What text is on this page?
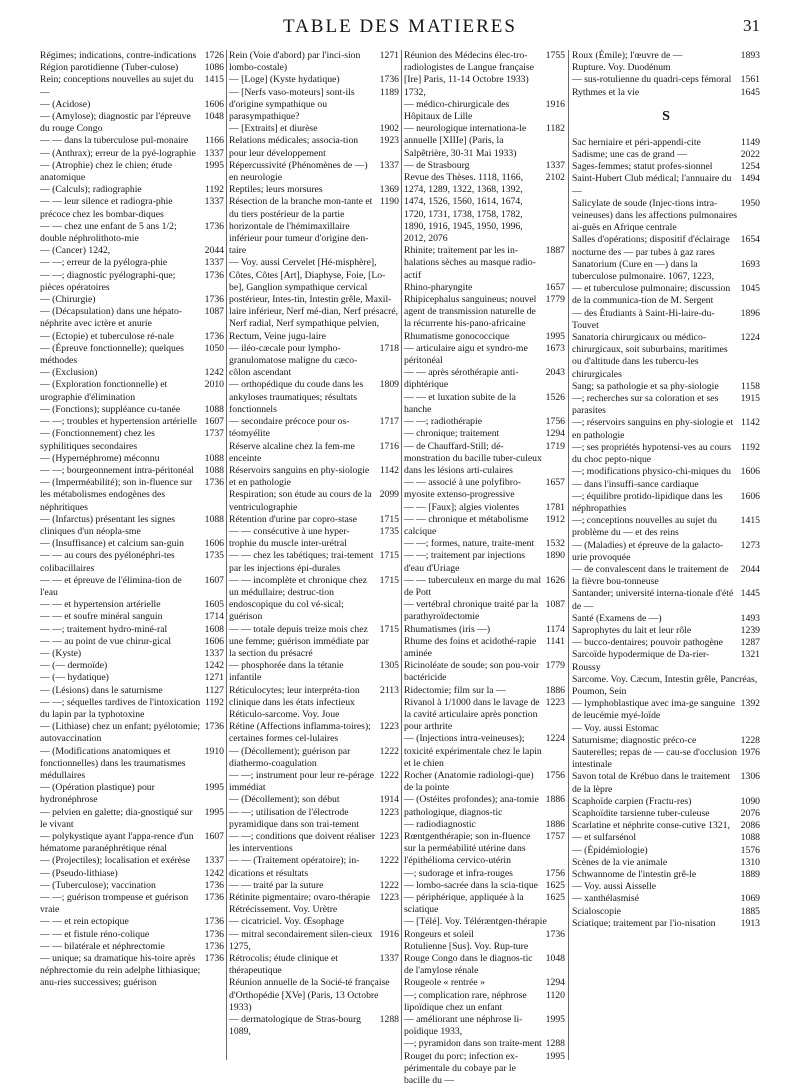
TABLE DES MATIERES	31
Régimes; indications, contre-indications 1726
Région parotidienne (Tuber-culose)	1086
Rein; conceptions nouvelles au sujet du —
1415
— (Acidose)	1606
— (Amylose); diagnostic par l'épreuve du rouge Congo
1048
— — dans la tuberculose pul-monaire	1166
— (Anthrax); erreur de la pyé-lographie 1337
— (Atrophie) chez le chien; étude anatomique
1995
— (Calculs); radiographie	1192
— — leur silence et radiogra-phie précoce chez les bombar-diques
1337
— — chez une enfant de 5 ans 1/2; double néphrolithoto-mie
1736
— (Cancer) 1242,	2044
— —; erreur de la pyélogra-phie	1337
— —; diagnostic pyélographi-que; pièces opératoires
1736
— (Chirurgie)	1736
— (Décapsulation) dans une hépato-néphrite avec ictère et anurie
1087
— (Ectopie) et tuberculose ré-nale	1736
— (Épreuve fonctionnelle); quelques méthodes
1050
— (Exclusion)	1242
— (Exploration fonctionnelle) et urographie d'élimination
2010
— (Fonctions); suppléance cu-tanée	1088
— —; troubles et hypertension artérielle 1607
— (Fonctionnement) chez les syphilitiques secondaires
1737
— (Hypernéphrome) méconnu	1088
— —; bourgeonnement intra-péritonéal	1088
— (Imperméabilité); son in-fluence sur les métabolismes endogènes des néphritiques
1736
— (Infarctus) présentant les signes cliniques d'un néopla-sme
1088
— (Insuffisance) et calcium san-guin	1606
— — au cours des pyélonéphri-tes colibacillaires
1735
— — et épreuve de l'élimina-tion de l'eau
1607
— — et hypertension artérielle	1605
— — et soufre minéral sanguin	1714
— —; traitement hydro-miné-ral	1608
— — au point de vue chirur-gical	1606
— (Kyste)	1337
— (— dermoïde)	1242
— (— hydatique)	1271
— (Lésions) dans le saturnisme	1127
— —; séquelles tardives de l'intoxication du lapin par la typhotoxine
1192
— (Lithiase) chez un enfant; pyélotomie; autovaccination
1736
— (Modifications anatomiques et fonctionnelles) dans les traumatismes médullaires
1910
— (Opération plastique) pour hydronéphrose
1995
— pelvien en galette; dia-gnostiqué sur le vivant
1995
— polykystique ayant l'appa-rence d'un hématome paranéphrétique rénal
1607
— (Projectiles); localisation et exérèse	1337
— (Pseudo-lithiase)	1242
— (Tuberculose); vaccination	1736
— —; guérison trompeuse et guérison vraie
1736
— — et rein ectopique	1736
— — et fistule réno-colique	1736
— — bilatérale et néphrectomie	1736
— unique; sa dramatique his-toire après néphrectomie du rein adelphe lithiasique; anu-ries successives; guérison
1736
Rein (Voie d'abord) par l'inci-sion lombo-costale)
1271
— [Loge] (Kyste hydatique)	1736
— [Nerfs vaso-moteurs] sont-ils d'origine sympathique ou parasympathique?
1189
— [Extraits] et diurèse	1902
Relations médicales; associa-tion pour leur développement
1923
Répercussivité (Phénomènes de —) en neurologie
1337
Reptiles; leurs morsures	1369
Résection de la branche mon-tante et du tiers postérieur de la partie horizontale de l'hémimaxillaire inférieur pour tumeur d'origine den-taire
1190
— Voy. aussi Cervelet [Hé-misphère], Côtes, Côtes [Art], Diaphyse, Foie, [Lo-be], Ganglion sympathique cervical postérieur, Intes-tin, Intestin grêle, Maxil-laire inférieur, Nerf mé-dian, Nerf présacré, Nerf radial, Nerf sympathique pelvien, Rectum, Veine jugu-laire
— iléo-cæcale pour lympho-granulomatose maligne du cæco-côlon ascendant
1718
— orthopédique du coude dans les ankyloses traumatiques; résultats fonctionnels
1809
— secondaire précoce pour os-téomyélite
1717
Réserve alcaline chez la fem-me enceinte
1716
Réservoirs sanguins en phy-siologie et en pathologie
1142
Respiration; son étude au cours de la ventriculographie
2099
Rétention d'urine par copro-stase	1715
— — consécutive à une hyper-trophie du muscle inter-urétral
1735
— — chez les tabétiques; trai-tement par les injections épi-durales
1715
— — incomplète et chronique chez un médullaire; destruc-tion endoscopique du col vé-sical; guérison
1715
— — totale depuis treize mois chez une femme; guérison immédiate par la section du présacré
1715
— phosphorée dans la tétanie infantile
1305
Réticulocytes; leur interpréta-tion clinique dans les états infectieux
2113
Réticulo-sarcome. Voy. Joue
Rétine (Affections inflamma-toires); certaines formes cel-lulaires
1223
— (Décollement); guérison par diathermo-coagulation
1222
— —; instrument pour leur re-pérage immédiat
1222
— (Décollement); son début	1914
— —; utilisation de l'électrode pyramidique dans son trai-tement
1223
— —; conditions que doivent réaliser les interventions
1223
— — (Traitement opératoire); in-dications et résultats
1222
— — traité par la suture	1222
Rétinite pigmentaire; ovaro-thérapie 1223
Rétrécissement. Voy. Urètre
— cicatriciel. Voy. Œsophage
— mitral secondairement silen-cieux 1275,
1916
Rétrocolis; étude clinique et thérapeutique
1337
Réunion annuelle de la Socié-té française d'Orthopédie [XVe] (Paris, 13 Octobre 1933)
— dermatologique de Stras-bourg 1089,
1288
Réunion des Médecins élec-tro-radiologistes de Langue française [Ire] Paris, 11-14 Octobre 1933) 1732,
1755
— médico-chirurgicale des Hôpitaux de Lille
1916
— neurologique internationa-le annuelle [XIIIe] (Paris, la Salpêtrière, 30-31 Mai 1933)
1182
— de Strasbourg	1337
Revue des Thèses. 1118, 1166, 1274, 1289, 1322, 1368, 1392, 1474, 1526, 1560, 1614, 1674, 1720, 1731, 1738, 1758, 1782, 1890, 1916, 1945, 1950, 1996, 2012, 2076
2102
Rhinite; traitement par les in-halations sèches au masque radio-actif
1887
Rhino-pharyngite	1657
Rhipicephalus sanguineus; nouvel agent de transmission naturelle de la récurrente his-pano-africaine
1779
Rhumatisme gonococcique	1995
— articulaire aigu et syndro-me péritonéal
1673
— — après sérothérapie anti-diphtérique
2043
— — et luxation subite de la hanche
1526
— —; radiothérapie	1756
— chronique; traitement	1294
— de Chauffard-Still; dé-monstration du bacille tuber-culeux dans les lésions arti-culaires
1719
— — associé à une polyfibro-myosite extenso-progressive
1657
— — [Faux]; algies violentes	1781
— — chronique et métabolisme calcique
1912
— —; formes, nature, traite-ment	1532
— —; traitement par injections d'eau d'Uriage
1890
— — tuberculeux en marge du mal de Pott
1626
— vertébral chronique traité par la parathyroïdectomie
1087
Rhumatismes (iris —)	1174
Rhume des foins et acidothé-rapie aminée
1141
Ricinoléate de soude; son pou-voir bactéricide
1779
Ridectomie; film sur la —	1886
Rivanol à 1/1000 dans le lavage de la cavité articulaire après ponction pour arthrite
1223
— (Injections intra-veineuses); toxicité expérimentale chez le lapin et le chien
1224
Rocher (Anatomie radiologi-que) de la pointe
1756
— (Ostéites profondes); ana-tomie pathologique, diagnos-tic
1886
— radiodiagnostic	1886
Rœntgenthérapie; son in-fluence sur la perméabilité utérine dans l'épithélioma cervico-utérin
1757
—; sudorage et infra-rouges	1756
— lombo-sacrée dans la scia-tique 1625
— périphérique, appliquée à la sciatique
1625
— [Télé]. Voy. Téléræntgen-thérapie
Rongeurs et soleil	1736
Rotulienne [Sus]. Voy. Rup-ture
Rouge Congo dans le diagnos-tic de l'amylose rénale
1048
Rougeole « rentrée »	1294
—; complication rare, néphrose lipoïdique chez un enfant
1120
— améliorant une néphrose li-poïdique 1933,
1995
—; pyramidon dans son traite-ment 1288
Rouget du porc; infection ex-périmentale du cobaye par le bacille du —
1995
Roux (Émile); l'œuvre de —	1893
Rupture. Voy. Duodénum
— sus-rotulienne du quadri-ceps fémoral 1561
Rythmes et la vie	1645
S
Sac herniaire et péri-appendi-cite	1149
Sadisme; une cas de grand —	2022
Sages-femmes; statut profes-sionnel	1254
Saint-Hubert Club médical; l'annuaire du —
1494
Salicylate de soude (Injec-tions intra-veineuses) dans les affections pulmonaires ai-guës en Afrique centrale
1950
Salles d'opérations; dispositif d'éclairage nocturne des — par tubes à gaz rares
1654
Sanatorium (Cure en —) dans la tuberculose pulmonaire. 1067, 1223,
1693
— et tuberculose pulmonaire; discussion de la communica-tion de M. Sergent
1045
— des Étudiants à Saint-Hi-laire-du-Touvet
1896
Sanatoria chirurgicaux ou médico-chirurgicaux, soit suburbains, maritimes ou d'altitude dans les tubercu-les chirurgicales
1224
Sang; sa pathologie et sa phy-siologie	1158
—; recherches sur sa coloration et ses parasites
1915
—; réservoirs sanguins en phy-siologie et en pathologie
1142
—; ses propriétés hypotensi-ves au cours du choc pepto-nique
1192
—; modifications physico-chi-miques du — dans l'insuffi-sance cardiaque
1606
—; équilibre protido-lipidique dans les néphropathies
1606
—; conceptions nouvelles au sujet du problème du — et des reins
1415
— (Maladies) et épreuve de la galacto-urie provoquée
1273
— de convalescent dans le traitement de la fièvre bou-tonneuse
2044
Santander; université interna-tionale d'été de —
1445
Santé (Examens de —)	1493
Saprophytes du lait et leur rôle	1239
— bucco-dentaires; pouvoir pathogène	1287
Sarcoïde hypodermique de Da-rier-Roussy
1321
Sarcome. Voy. Cæcum, Intestin grêle, Pancréas, Poumon, Sein
— lymphoblastique avec ima-ge sanguine de leucémie myé-loïde
1392
— Voy. aussi Estomac
Saturnisme; diagnostic préco-ce	1228
Sauterelles; repas de — cau-se d'occlusion intestinale
1976
Savon total de Krébuo dans le traitement de la lèpre
1306
Scaphoïde carpien (Fractu-res)	1090
Scaphoïdite tarsienne tuber-culeuse	2076
Scarlatine et néphrite conse-cutive 1321,	2086
— et sulfarsénol	1088
— (Épidémiologie)	1576
Scènes de la vie animale	1310
Schwannome de l'intestin grê-le	1889
— Voy. aussi Aisselle
— xanthélasmisé	1069
Scialoscopie	1885
Sciatique; traitement par l'io-nisation	1913
